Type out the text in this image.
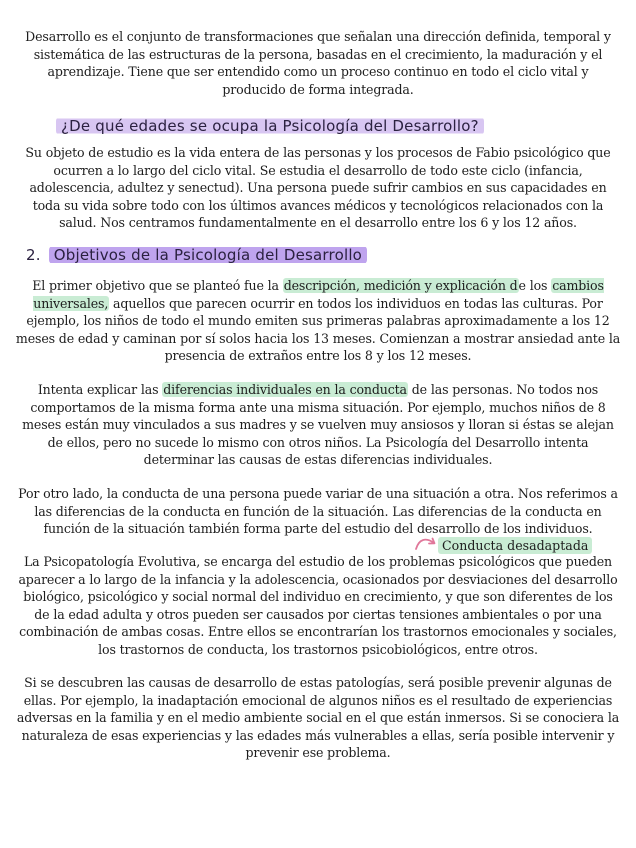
Desarrollo es el conjunto de transformaciones que señalan una dirección definida, temporal y sistemática de las estructuras de la persona, basadas en el crecimiento, la maduración y el aprendizaje. Tiene que ser entendido como un proceso continuo en todo el ciclo vital y producido de forma integrada.

¿De qué edades se ocupa la Psicología del Desarrollo?

Su objeto de estudio es la vida entera de las personas y los procesos de Fabio psicológico que ocurren a lo largo del ciclo vital. Se estudia el desarrollo de todo este ciclo (infancia, adolescencia, adultez y senectud). Una persona puede sufrir cambios en sus capacidades en toda su vida sobre todo con los últimos avances médicos y tecnológicos relacionados con la salud. Nos centramos fundamentalmente en el desarrollo entre los 6 y los 12 años.

2. Objetivos de la Psicología del Desarrollo

El primer objetivo que se planteó fue la descripción, medición y explicación de los cambios universales, aquellos que parecen ocurrir en todos los individuos en todas las culturas. Por ejemplo, los niños de todo el mundo emiten sus primeras palabras aproximadamente a los 12 meses de edad y caminan por sí solos hacia los 13 meses. Comienzan a mostrar ansiedad ante la presencia de extraños entre los 8 y los 12 meses.

Intenta explicar las diferencias individuales en la conducta de las personas. No todos nos comportamos de la misma forma ante una misma situación. Por ejemplo, muchos niños de 8 meses están muy vinculados a sus madres y se vuelven muy ansiosos y lloran si éstas se alejan de ellos, pero no sucede lo mismo con otros niños. La Psicología del Desarrollo intenta determinar las causas de estas diferencias individuales.

Por otro lado, la conducta de una persona puede variar de una situación a otra. Nos referimos a las diferencias de la conducta en función de la situación. Las diferencias de la conducta en función de la situación también forma parte del estudio del desarrollo de los individuos.

Conducta desadaptada

La Psicopatología Evolutiva, se encarga del estudio de los problemas psicológicos que pueden aparecer a lo largo de la infancia y la adolescencia, ocasionados por desviaciones del desarrollo biológico, psicológico y social normal del individuo en crecimiento, y que son diferentes de los de la edad adulta y otros pueden ser causados por ciertas tensiones ambientales o por una combinación de ambas cosas. Entre ellos se encontrarían los trastornos emocionales y sociales, los trastornos de conducta, los trastornos psicobiológicos, entre otros.

Si se descubren las causas de desarrollo de estas patologías, será posible prevenir algunas de ellas. Por ejemplo, la inadaptación emocional de algunos niños es el resultado de experiencias adversas en la familia y en el medio ambiente social en el que están inmersos. Si se conociera la naturaleza de esas experiencias y las edades más vulnerables a ellas, sería posible intervenir y prevenir ese problema.
